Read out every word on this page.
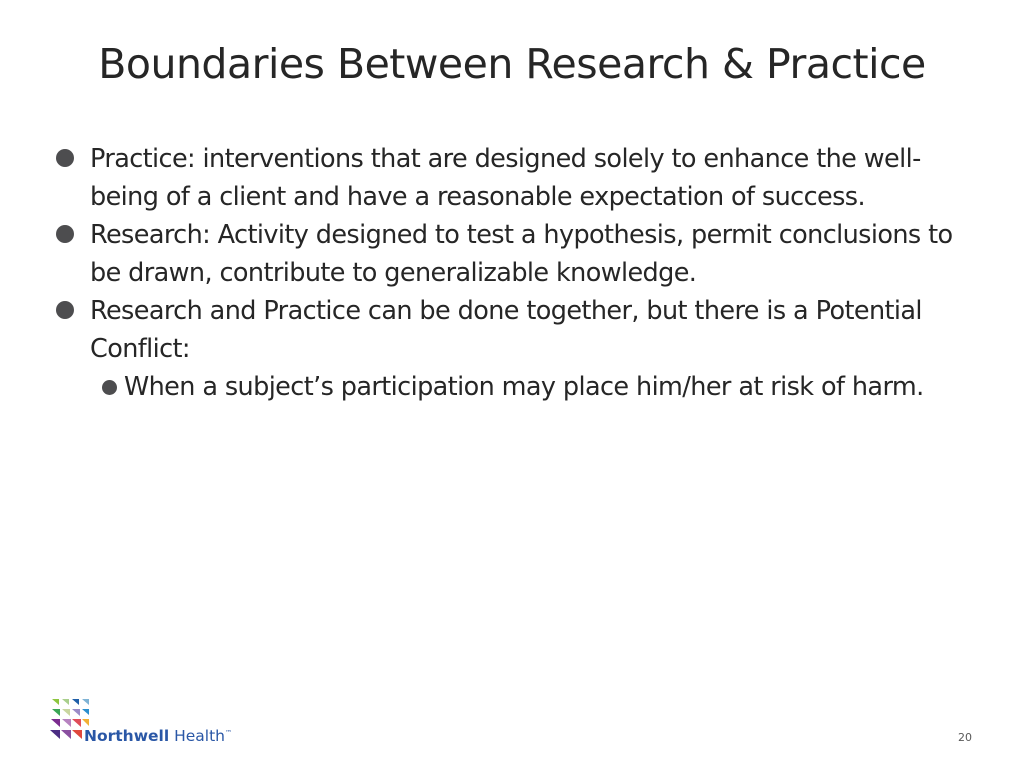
Boundaries Between Research & Practice
Practice: interventions that are designed solely to enhance the well-being of a client and have a reasonable expectation of success.
Research: Activity designed to test a hypothesis, permit conclusions to be drawn, contribute to generalizable knowledge.
Research and Practice can be done together, but there is a Potential Conflict:
When a subject’s participation may place him/her at risk of harm.
Northwell Health™	20
